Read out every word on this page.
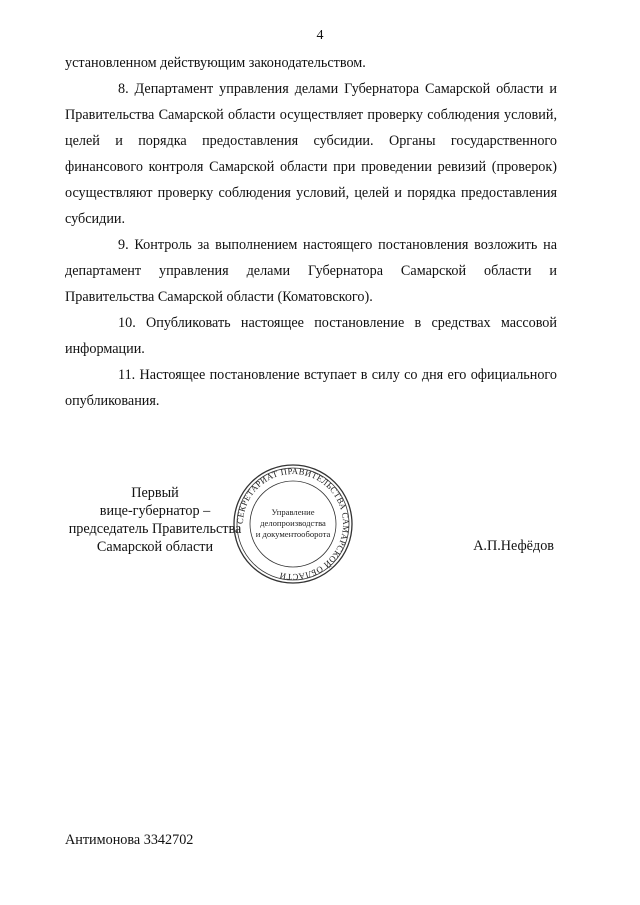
4

установленном действующим законодательством.

8. Департамент управления делами Губернатора Самарской области и Правительства Самарской области осуществляет проверку соблюдения условий, целей и порядка предоставления субсидии. Органы государственного финансового контроля Самарской области при проведении ревизий (проверок) осуществляют проверку соблюдения условий, целей и порядка предоставления субсидии.

9. Контроль за выполнением настоящего постановления возложить на департамент управления делами Губернатора Самарской области и Правительства Самарской области (Коматовского).

10. Опубликовать настоящее постановление в средствах массовой информации.

11. Настоящее постановление вступает в силу со дня его официального опубликования.

Первый
вице-губернатор –
председатель Правительства
Самарской области
СЕКРЕТАРИАТ ПРАВИТЕЛЬСТВА САМАРСКОЙ ОБЛАСТИ
Управление
делопроизводства
и документооборота
А.П.Нефёдов
Антимонова 3342702
